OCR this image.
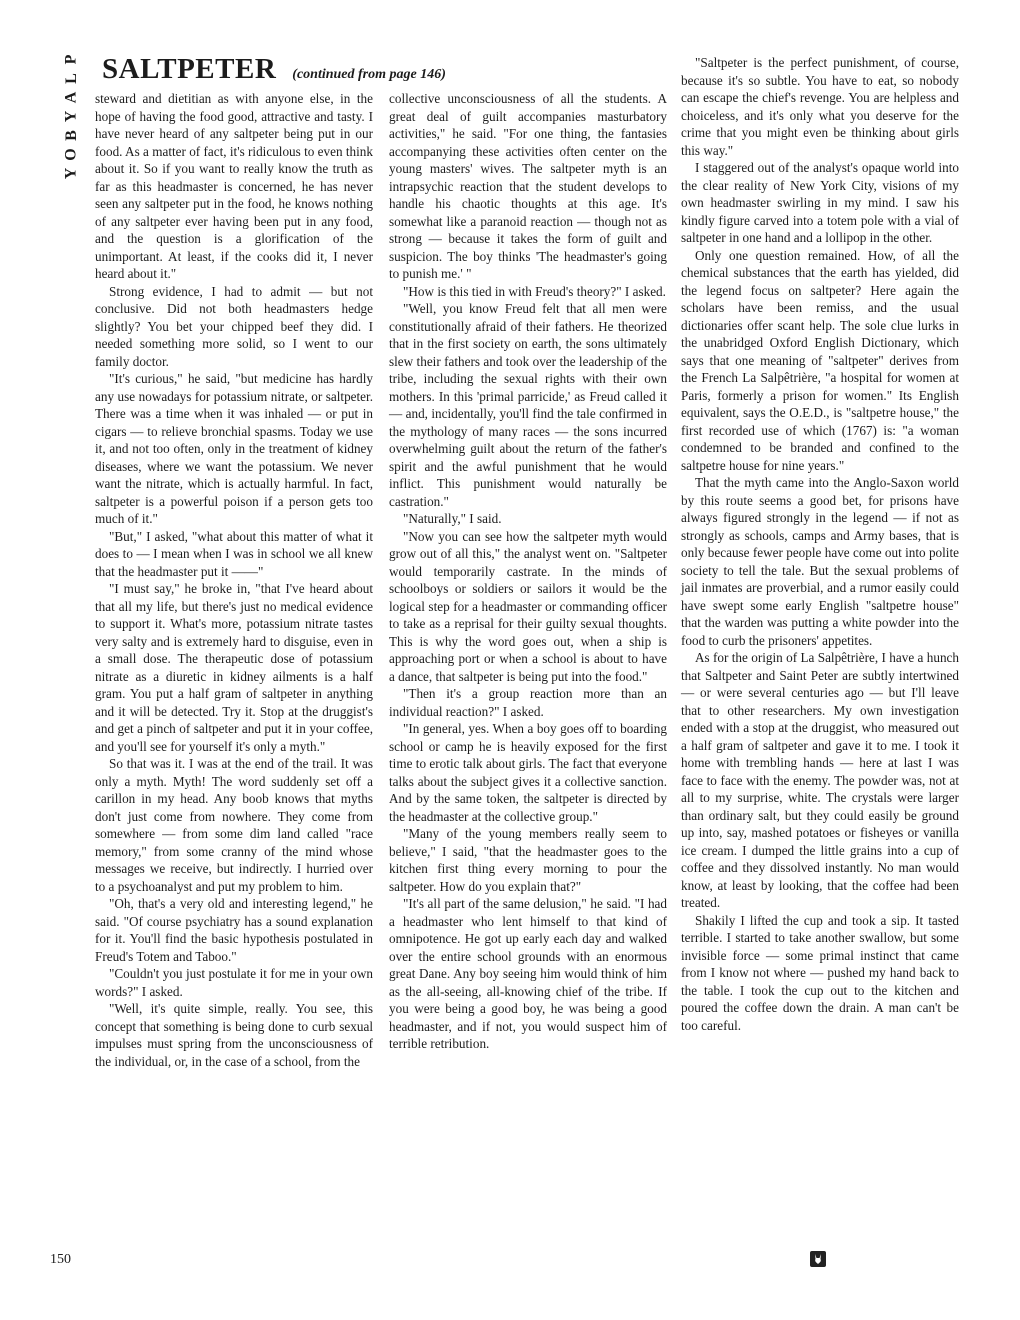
P
L
A
Y
B
O
Y
SALTPETER (continued from page 146)

steward and dietitian as with anyone else, in the hope of having the food good, attractive and tasty. I have never heard of any saltpeter being put in our food. As a matter of fact, it's ridiculous to even think about it. So if you want to really know the truth as far as this headmaster is concerned, he has never seen any saltpeter put in the food, he knows nothing of any saltpeter ever having been put in any food, and the question is a glorification of the unimportant. At least, if the cooks did it, I never heard about it."

Strong evidence, I had to admit — but not conclusive. Did not both headmasters hedge slightly? You bet your chipped beef they did. I needed something more solid, so I went to our family doctor.

"It's curious," he said, "but medicine has hardly any use nowadays for potassium nitrate, or saltpeter. There was a time when it was inhaled — or put in cigars — to relieve bronchial spasms. Today we use it, and not too often, only in the treatment of kidney diseases, where we want the potassium. We never want the nitrate, which is actually harmful. In fact, saltpeter is a powerful poison if a person gets too much of it."

"But," I asked, "what about this matter of what it does to — I mean when I was in school we all knew that the headmaster put it ——"

"I must say," he broke in, "that I've heard about that all my life, but there's just no medical evidence to support it. What's more, potassium nitrate tastes very salty and is extremely hard to disguise, even in a small dose. The therapeutic dose of potassium nitrate as a diuretic in kidney ailments is a half gram. You put a half gram of saltpeter in anything and it will be detected. Try it. Stop at the druggist's and get a pinch of saltpeter and put it in your coffee, and you'll see for yourself it's only a myth."

So that was it. I was at the end of the trail. It was only a myth. Myth! The word suddenly set off a carillon in my head. Any boob knows that myths don't just come from nowhere. They come from somewhere — from some dim land called "race memory," from some cranny of the mind whose messages we receive, but indirectly. I hurried over to a psychoanalyst and put my problem to him.

"Oh, that's a very old and interesting legend," he said. "Of course psychiatry has a sound explanation for it. You'll find the basic hypothesis postulated in Freud's Totem and Taboo."

"Couldn't you just postulate it for me in your own words?" I asked.

"Well, it's quite simple, really. You see, this concept that something is being done to curb sexual impulses must spring from the unconsciousness of the individual, or, in the case of a school, from the

collective unconsciousness of all the students. A great deal of guilt accompanies masturbatory activities," he said. "For one thing, the fantasies accompanying these activities often center on the young masters' wives. The saltpeter myth is an intrapsychic reaction that the student develops to handle his chaotic thoughts at this age. It's somewhat like a paranoid reaction — though not as strong — because it takes the form of guilt and suspicion. The boy thinks 'The headmaster's going to punish me.' "

"How is this tied in with Freud's theory?" I asked.

"Well, you know Freud felt that all men were constitutionally afraid of their fathers. He theorized that in the first society on earth, the sons ultimately slew their fathers and took over the leadership of the tribe, including the sexual rights with their own mothers. In this 'primal parricide,' as Freud called it — and, incidentally, you'll find the tale confirmed in the mythology of many races — the sons incurred overwhelming guilt about the return of the father's spirit and the awful punishment that he would inflict. This punishment would naturally be castration."

"Naturally," I said.

"Now you can see how the saltpeter myth would grow out of all this," the analyst went on. "Saltpeter would temporarily castrate. In the minds of schoolboys or soldiers or sailors it would be the logical step for a headmaster or commanding officer to take as a reprisal for their guilty sexual thoughts. This is why the word goes out, when a ship is approaching port or when a school is about to have a dance, that saltpeter is being put into the food."

"Then it's a group reaction more than an individual reaction?" I asked.

"In general, yes. When a boy goes off to boarding school or camp he is heavily exposed for the first time to erotic talk about girls. The fact that everyone talks about the subject gives it a collective sanction. And by the same token, the saltpeter is directed by the headmaster at the collective group."

"Many of the young members really seem to believe," I said, "that the headmaster goes to the kitchen first thing every morning to pour the saltpeter. How do you explain that?"

"It's all part of the same delusion," he said. "I had a headmaster who lent himself to that kind of omnipotence. He got up early each day and walked over the entire school grounds with an enormous great Dane. Any boy seeing him would think of him as the all-seeing, all-knowing chief of the tribe. If you were being a good boy, he was being a good headmaster, and if not, you would suspect him of terrible retribution.

"Saltpeter is the perfect punishment, of course, because it's so subtle. You have to eat, so nobody can escape the chief's revenge. You are helpless and choiceless, and it's only what you deserve for the crime that you might even be thinking about girls this way."

I staggered out of the analyst's opaque world into the clear reality of New York City, visions of my own headmaster swirling in my mind. I saw his kindly figure carved into a totem pole with a vial of saltpeter in one hand and a lollipop in the other.

Only one question remained. How, of all the chemical substances that the earth has yielded, did the legend focus on saltpeter? Here again the scholars have been remiss, and the usual dictionaries offer scant help. The sole clue lurks in the unabridged Oxford English Dictionary, which says that one meaning of "saltpeter" derives from the French La Salpêtrière, "a hospital for women at Paris, formerly a prison for women." Its English equivalent, says the O.E.D., is "saltpetre house," the first recorded use of which (1767) is: "a woman condemned to be branded and confined to the saltpetre house for nine years."

That the myth came into the Anglo-Saxon world by this route seems a good bet, for prisons have always figured strongly in the legend — if not as strongly as schools, camps and Army bases, that is only because fewer people have come out into polite society to tell the tale. But the sexual problems of jail inmates are proverbial, and a rumor easily could have swept some early English "saltpetre house" that the warden was putting a white powder into the food to curb the prisoners' appetites.

As for the origin of La Salpêtrière, I have a hunch that Saltpeter and Saint Peter are subtly intertwined — or were several centuries ago — but I'll leave that to other researchers. My own investigation ended with a stop at the druggist, who measured out a half gram of saltpeter and gave it to me. I took it home with trembling hands — here at last I was face to face with the enemy. The powder was, not at all to my surprise, white. The crystals were larger than ordinary salt, but they could easily be ground up into, say, mashed potatoes or fisheyes or vanilla ice cream. I dumped the little grains into a cup of coffee and they dissolved instantly. No man would know, at least by looking, that the coffee had been treated.

Shakily I lifted the cup and took a sip. It tasted terrible. I started to take another swallow, but some invisible force — some primal instinct that came from I know not where — pushed my hand back to the table. I took the cup out to the kitchen and poured the coffee down the drain. A man can't be too careful.

150
